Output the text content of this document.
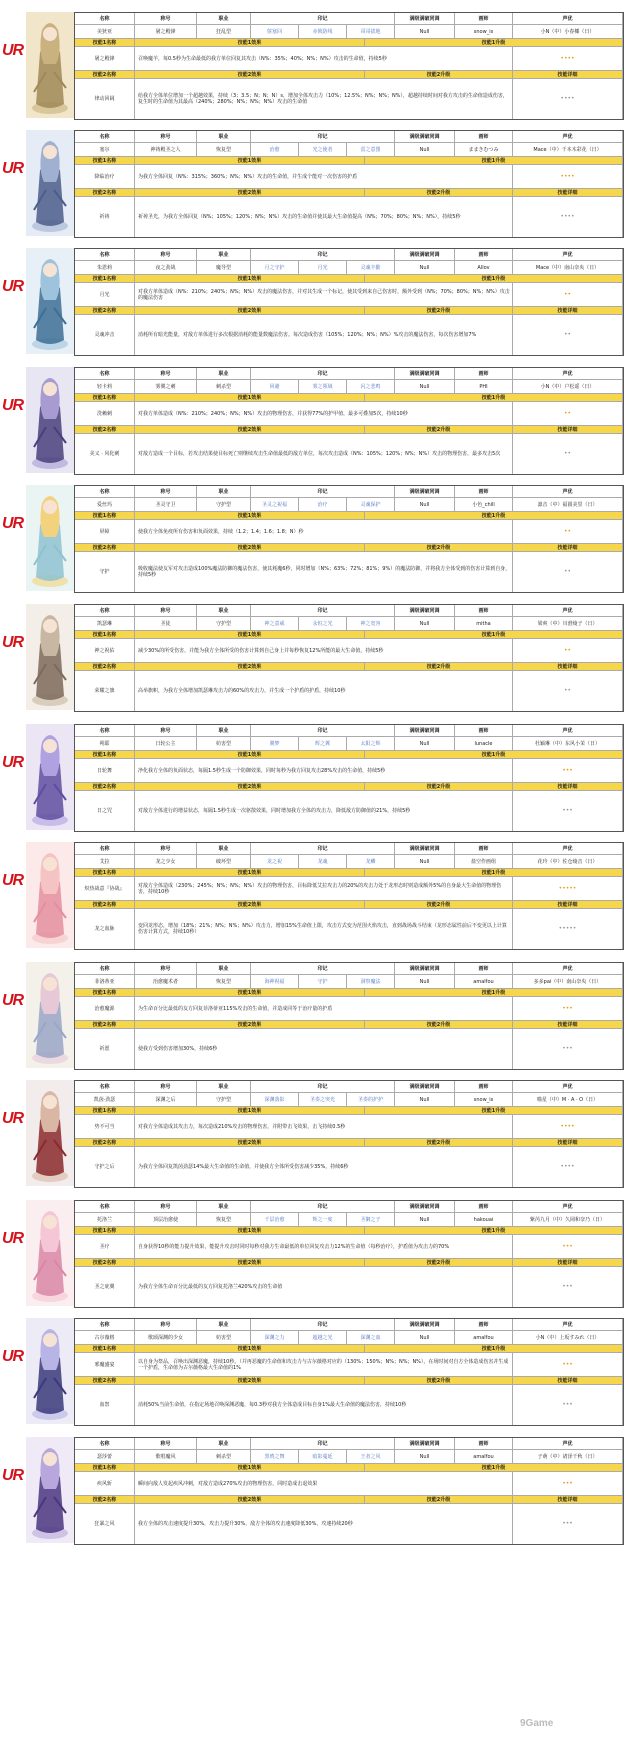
UR
名称	称号	职业	印记	满级满破同调	画师	声优
美狄亚	屠之殿锋	狂乱型	射塞回	赤锁防线	哥哥拔地	Null	snow_is	小N（中）小春椰（日）
技能1名称	技能1效果	技能1升级
屠之殿锋	召唤魔羊，每0.5秒为生命最低的我方单位回复其攻击（N%：35%；40%；N%；N%）攻击的生命值，持续5秒	••••
技能2名称	技能2效果	技能2升级	技能详细
律动回阔	给我方全体单位增加一个超越效果，持续（3；3.5；N；N；N）s，增加全体攻击力（10%；12.5%；N%；N%；N%），超越持续时间对我方攻击的生命值造成伤害，复生时的生命值为其最高（240%；280%；N%；N%；N%）攻击的生命值	••••
UR
名称	称号	职业	印记	满级满破同调	画师	声优
塞尔	神祷殿圣之人	恢复型	治愈	光之使者	雷之意图	Null	ままきむつみ	Mace（中）千本木彩花（日）
技能1名称	技能1效果	技能1升级
降临治疗	为我方全体回复（N%：315%；360%；N%；N%）攻击的生命值，并生成个能对一次伤害的护盾	••••
技能2名称	技能2效果	技能2升级	技能详细
祈祷	祈祷圣光，为我方全体回复（N%；105%；120%；N%；N%）攻击的生命值并使其最大生命值提高（N%；70%；80%；N%；N%），持续5秒	••••
UR
名称	称号	职业	印记	满级满破同调	画师	声优
朱恩莉	夜之劲战	魔导型	月之守护	月光	灵魂丰勤	Null	Allov	Mace（中）南山奈央（日）
技能1名称	技能1效果	技能1升级
月光	对我方单体造成（N%：210%；240%；N%；N%）攻击的魔法伤害，并对其生成一个标记，使其受到来自己伤害时，额外受到（N%；70%；80%；N%；N%）攻击的魔法伤害	••
技能2名称	技能2效果	技能2升级	技能详细
灵魂冲击	消耗所有暗光能量，对敌方单体进行多次根据消耗的能量数魔法伤害。每次造成伤害（105%；120%；N%；N%）%攻击的魔法伤害，每次伤害增加7%	••
UR
名称	称号	职业	印记	满级满破同调	画师	声优
轻卡莉	雾翼之刺	刺杀型	回避	雾之领域	闪之悲鸣	Null	PHI	小N（中）户松遥（日）
技能1名称	技能1效果	技能1升级
洗赖刺	对我方单体造成（N%：210%；240%；N%；N%）攻击的物理伤害，并获得77%的护甲值，最多可叠加5次，持续10秒	••
技能2名称	技能2效果	技能2升级	技能详细
美义 · 风化刺	对敌方造成一个目标，若攻击结果使目标死亡则继续攻击生命值最低的敌方单位，每次攻击造成（N%：105%；120%；N%；N%）攻击的物理伤害，最多攻击5次	••
UR
名称	称号	职业	印记	满级满破同调	画师	声优
爱丝玛	圣灵守卫	守护型	圣灵之祝福	治疗	灵魂保护	Null	小色_chill	凛音（中）福圆美里（日）
技能1名称	技能1效果	技能1升级
屏障	使我方全体免疫所有伤害和负面效果，持续（1.2；1.4；1.6；1.8；N）秒	••
技能2名称	技能2效果	技能2升级	技能详细
守护	吸收魔法使友军对攻击造成100%魔法防御的魔法伤害，使其耗魔6秒，同时增加（N%；63%；72%；81%；9%）的魔法防御，并将我方全体受到的伤害计算到自身，持续5秒	••
UR
名称	称号	职业	印记	满级满破同调	画师	声优
凯瑟琳	圣徒	守护型	神之意威	永恒之光	神之宽容	Null	mitha	梁爽（中）川澄绫子（日）
技能1名称	技能1效果	技能1升级
神之祝佑	减少30%的所受伤害，并能为我方全体所受的伤害计算到自己身上并每秒恢复12%所能的最大生命值，持续5秒	••
技能2名称	技能2效果	技能2升级	技能详细
荣耀之旗	高举旗帜，为我方全体增加凯瑟琳攻击力的60%的攻击力，并生成一个护盾的护盾，持续10秒	••
UR
名称	称号	职业	印记	满级满破同调	画师	声优
朔耶	日轮公主	妨害型	翼梦	辉之翼	太阳之辉	Null	lunacle	杜颖琳（中）东风小茉（日）
技能1名称	技能1效果	技能1升级
日轮舞	净化我方全体的负面状态，每隔1.5秒生成一个防御效果，同时每秒为我方回复攻击28%攻击的生命值，持续5秒	•••
技能2名称	技能2效果	技能2升级	技能详细
日之咒	对敌方全体进行的增益状态，每隔1.5秒生成一次驱散效果，同时增加我方全体的攻击力，降低敌方防御值的21%，持续5秒	•••
UR
名称	称号	职业	印记	满级满破同调	画师	声优
艾拉	龙之少女	破坏型	龙之祝	龙魂	龙鳞	Null	盐空作画组	花玲（中）佐仓绫音（日）
技能1名称	技能1效果	技能1升级
炽热战意『协战』	对敌方全体造成（230%；245%；N%；N%；N%）攻击的物理伤害，目标降低艾拉攻击力的20%的攻击力处于龙形态时则造成额外5%的自身最大生命值的物理伤害，持续10秒	•••••
技能2名称	技能2效果	技能2升级	技能详细
龙之血脉	变回龙形态，增加（18%；21%；N%；N%；N%）攻击力，增加15%生命值上限，攻击方式变为范围火焰攻击，直到战场战斗结束（龙形态属性前后不变更以上计算伤害计算方式，持续10秒）	•••••
UR
名称	称号	职业	印记	满级满破同调	画师	声优
菲洛蒂亚	治愈魔术者	恢复型	海神祝福	守护	洞察魔法	Null	amalfou	多多pai（中）南山奈央（日）
技能1名称	技能1效果	技能1升级
治愈魔源	为生命百分比最低的友方回复菲洛蒂亚115%攻击的生命值，并造成同等于治疗量的护盾	•••
技能2名称	技能2效果	技能2升级	技能详细
祈愿	使我方受到伤害增加30%，持续6秒	•••
UR
名称	称号	职业	印记	满级满破同调	画师	声优
凯茵·劲瑟	深渊之后	守护型	深渊落影	圣奏之突光	圣奏的护护	Null	snow_is	喵星（中）M · A · O（日）
技能1名称	技能1效果	技能1升级
势不可当	对我方全体造成其攻击力，每次造成210%攻击的物理伤害，并附带击飞效果，击飞持续0.5秒	••••
技能2名称	技能2效果	技能2升级	技能详细
守护之后	为我方全体回复凯茵劲瑟14%最大生命值的生命值，并使我方全体所受伤害减少35%，持续6秒	••••
UR
名称	称号	职业	印记	满级满破同调	画师	声优
托洛兰	顶层治愈使	恢复型	千层治愈	辉之一度	圣御之子	Null	hakouai	紫芮九月（中）久岡和奈乃（日）
技能1名称	技能1效果	技能1升级
圣疗	自身获得10秒的能力提升效果，能提升攻击时同时每秒对我方生命最低的单位回复攻击力12%的生命值（每秒治疗），护盾值为攻击力的70%	•••
技能2名称	技能2效果	技能2升级	技能详细
圣之庇翼	为我方全体生命百分比最低的友方回复托洛兰420%攻击的生命值	•••
UR
名称	称号	职业	印记	满级满破同调	画师	声优
古尔薇格	歌颂深渊的少女	妨害型	深渊之力	超越之光	深渊之血	Null	amalfou	小N（中）上坂すみれ（日）
技能1名称	技能1效果	技能1升级
邪魔盛宴	以自身为祭品，召唤出深渊恶魔，持续10秒。（并再恶魔的生命值和攻击力与古尔薇格对应的（130%；150%；N%；N%；N%），在场时间对自方全体造成伤害并生成一个护盾，生命值为古尔薇格最大生命值的1%	•••
技能2名称	技能2效果	技能2升级	技能详细
血祭	消耗50%当前生命值，在指定场地召唤深渊恶魔，每0.3秒对我方全体造成目标自身1%最大生命值的魔法伤害，持续10秒	•••
UR
名称	称号	职业	印记	满级满破同调	画师	声优
瑟莎蕾	歌唱魔风	刺杀型	黑鸦之舞	暗影蔓延	王者之风	Null	amalfou	子萌（中）诸泽千秋（日）
技能1名称	技能1效果	技能1升级
疾风斩	瞬间向敌人发起疾风冲刺，对敌方造成270%攻击的物理伤害，同时造成击退效果	•••
技能2名称	技能2效果	技能2升级	技能详细
狂暴之风	我方全体的攻击速度提升30%，攻击力提升30%，敌方全体的攻击速度降低30%，攻速持续20秒	•••
9Game
